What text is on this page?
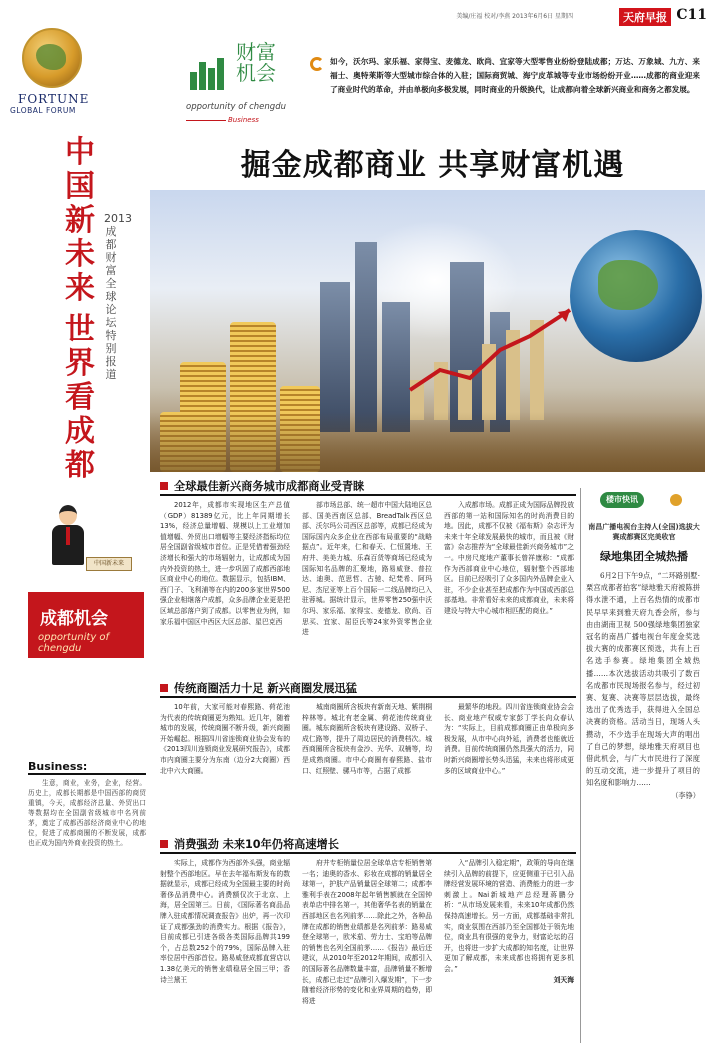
美编/庄福 校对/李燕 2013年6月6日 星期四	天府早报 C11
FORTUNE
GLOBAL FORUM
中国新未来
世界看成都
2013成都财富全球论坛特别报道
中国新未来
成都机会
opportunity of chengdu
Business:
生意，商业，业务，企业，经营。历史上，成都长期都是中国西部的商贸重镇，今天，成都经济总量、外贸出口等数据均在全国副省级城市中名列前茅，奠定了成都西部经济商业中心的地位，促进了成都商圈的不断发展，成都也正成为国内外商业投资的热土。
财富机会
opportunity of chengdu
Business
如今，沃尔玛、家乐福、家得宝、麦德龙、欧尚、宜家等大型零售业纷纷登陆成都；万达、万象城、九方、来福士、奥特莱斯等大型城市综合体的入驻；国际商贸城、海宁皮革城等专业市场纷纷开业……成都的商业迎来了商业时代的革命，并由单极向多极发展，同时商业的升级换代，让成都向着全球新兴商业和商务之都发展。
掘金成都商业 共享财富机遇
全球最佳新兴商务城市成都商业受青睐

2012年，成都市实现地区生产总值（GDP）81389亿元，比上年同期增长13%，经济总量增幅、规模以上工业增加值增幅、外贸出口增幅等主要经济指标均位居全国副省级城市首位。正是凭借着强劲经济增长和强大的市场辐射力，让成都成为国内外投资的热土，进一步巩固了成都西部地区商业中心的地位。数据显示，包括IBM、西门子、飞利浦等在内的200多家世界500强企业相继落户成都，众多品牌企业更是把区域总部落户到了成都。以零售业为例，如家乐福中国区中西区大区总部、星巴克西

部市场总部、统一超市中国大陆地区总部、国美西南区总部、BreadTalk西区总部、沃尔玛公司西区总部等，成都已经成为国际国内众多企业在西部布局重要的“战略据点”。近年来，仁和春天、仁恒置地、王府井、美美力城、乐森百货等商场已经成为国际知名品牌的汇聚地，路易威登、普拉达、迪奥、范思哲、古驰、纪梵希、阿玛尼、杰尼亚等上百个国际一二线品牌均已入驻蓉城。据统计显示，世界零售250强中沃尔玛、家乐福、家得宝、麦德龙、欧尚、百思买、宜家、屈臣氏等24家外资零售企业进

入成都市场。成都正成为国际品牌投放西部的第一站和国际知名的时尚消费目的地。因此，成都不仅被《福布斯》杂志评为未来十年全球发展最快的城市，而且被《财富》杂志推荐为“全球最佳新兴商务城市”之一。中房尺度地产董事长曾祥康称：“成都作为西部商业中心地位，辐射整个西部地区。目前已经吸引了众多国内外品牌企业入驻，不少企业甚至把成都作为中国或西部总部基地。非常看好未来的成都商业，未来将建设与特大中心城市相匹配的商业。”

传统商圈活力十足 新兴商圈发展迅猛

10年前，大家可能对春熙路、荷花池为代表的传统商圈更为熟知。近几年，随着城市的发展，传统商圈不断升级，新兴商圈开始崛起。根据四川省连锁商业协会发布的《2013四川连锁商业发展研究报告》，成都市内商圈主要分为东南（边分2大商圈）西北中六大商圈。

城南商圈所含板块有新南天地、紫荆桐梓林等。城北有老金属、荷花池传统商业圈。城东商圈所含板块有建设路、双桥子、成仁路等，提升了周边居民的消费档次。城西商圈所含板块有金沙、光华、双楠等，均是成熟商圈。市中心商圈有春熙路、盐市口、红照壁、骡马市等，占据了成都

最繁华的地段。四川省连锁商业协会会长、商业地产权威专家彭丁学长向众春认为：“实际上，目前成都商圈正由单极向多极发展，从市中心向外延，消费者也能就近消费。目前传统商圈仍然具强大的活力，同时新兴商圈增长势头迅猛，未来也将形成更多的区域商业中心。”

消费强劲 未来10年仍将高速增长

实际上，成都作为西部外头强，商业辐射整个西部地区。早在去年福布斯发布的数据就显示，成都已经成为全国最主要的时尚奢侈品消费中心。消费额仅次于北京、上海，居全国第三。日前，《国际著名商品品牌入驻成都情况调查报告》出炉，再一次印证了成都强劲的消费实力。根据《报告》，目前成都已引进各级各类国际品牌共199个，占总数252个的79%，国际品牌入驻率位居中西部首位。路易威登成都直营店以1.38亿美元的销售业绩稳居全国三甲；香诗兰黛王

府井专柜销量位居全球单店专柜销售第一名；迪奥的香水、彩妆在成都的销量居全球第一，护肤产品销量居全球第二；成都李雅利手表在2008年起年销售额就在全国钟表单店中排名第一，其他奢华名表的销量在西部地区也名列前茅……除此之外，各种品牌在成都的销售业绩都是名列前茅：路易威登全球第一，欧米茄、劳力士、宝珀等品牌的销售也名列全国前茅……《报告》最后还建议，从2010年至2012年期间，成都引入的国际著名品牌数量丰富，品牌销量不断增长，成都已走过“品牌引入爆发期”，下一步随着经济形势的变化和业界周期的趋势，即将进

入“品牌引入稳定期”，政策的导向在继续引入品牌的前提下，应更侧重于已引入品牌经营发展环境的营造、消费能力的进一步刺激上。Nai新城地产总经理蒋鹏分析：“从市场发展来看，未来10年成都仍然保持高速增长。另一方面，成都基础非常扎实，商业氛围在西部乃至全国都处于领先地位，商业具有很强的竞争力，财富论坛的召开，也将进一步扩大成都的知名度，让世界更加了解成都，未来成都也将拥有更多机会。”

刘天海
楼市快讯
南昌广播电视台主持人(全国)选拔大赛成都赛区完美收官
绿地集团全城热播

6月2日下午9点，“二环路别墅·栗宫成都者拍客”绿地雅天府被陈拼得水泄不通，上百名热情的成都市民早早来到雅天府九香会所，参与由由湖南卫视 500强绿地集团独家冠名的南昌广播电视台年度金奖选拔大赛的成都赛区预选，共有上百名选手参赛。绿地集团全城热播……本次选拔活动共吸引了数百名成都市民现场报名参与，经过初赛、复赛、决赛等层层选拔，最终选出了优秀选手，获得进入全国总决赛的资格。活动当日，现场人头攒动，不少选手在现场大声的唱出了自己的梦想，绿地雅天府项目也借此机会，与广大市民进行了深度的互动交流，进一步提升了项目的知名度和影响力……

（李铮）
